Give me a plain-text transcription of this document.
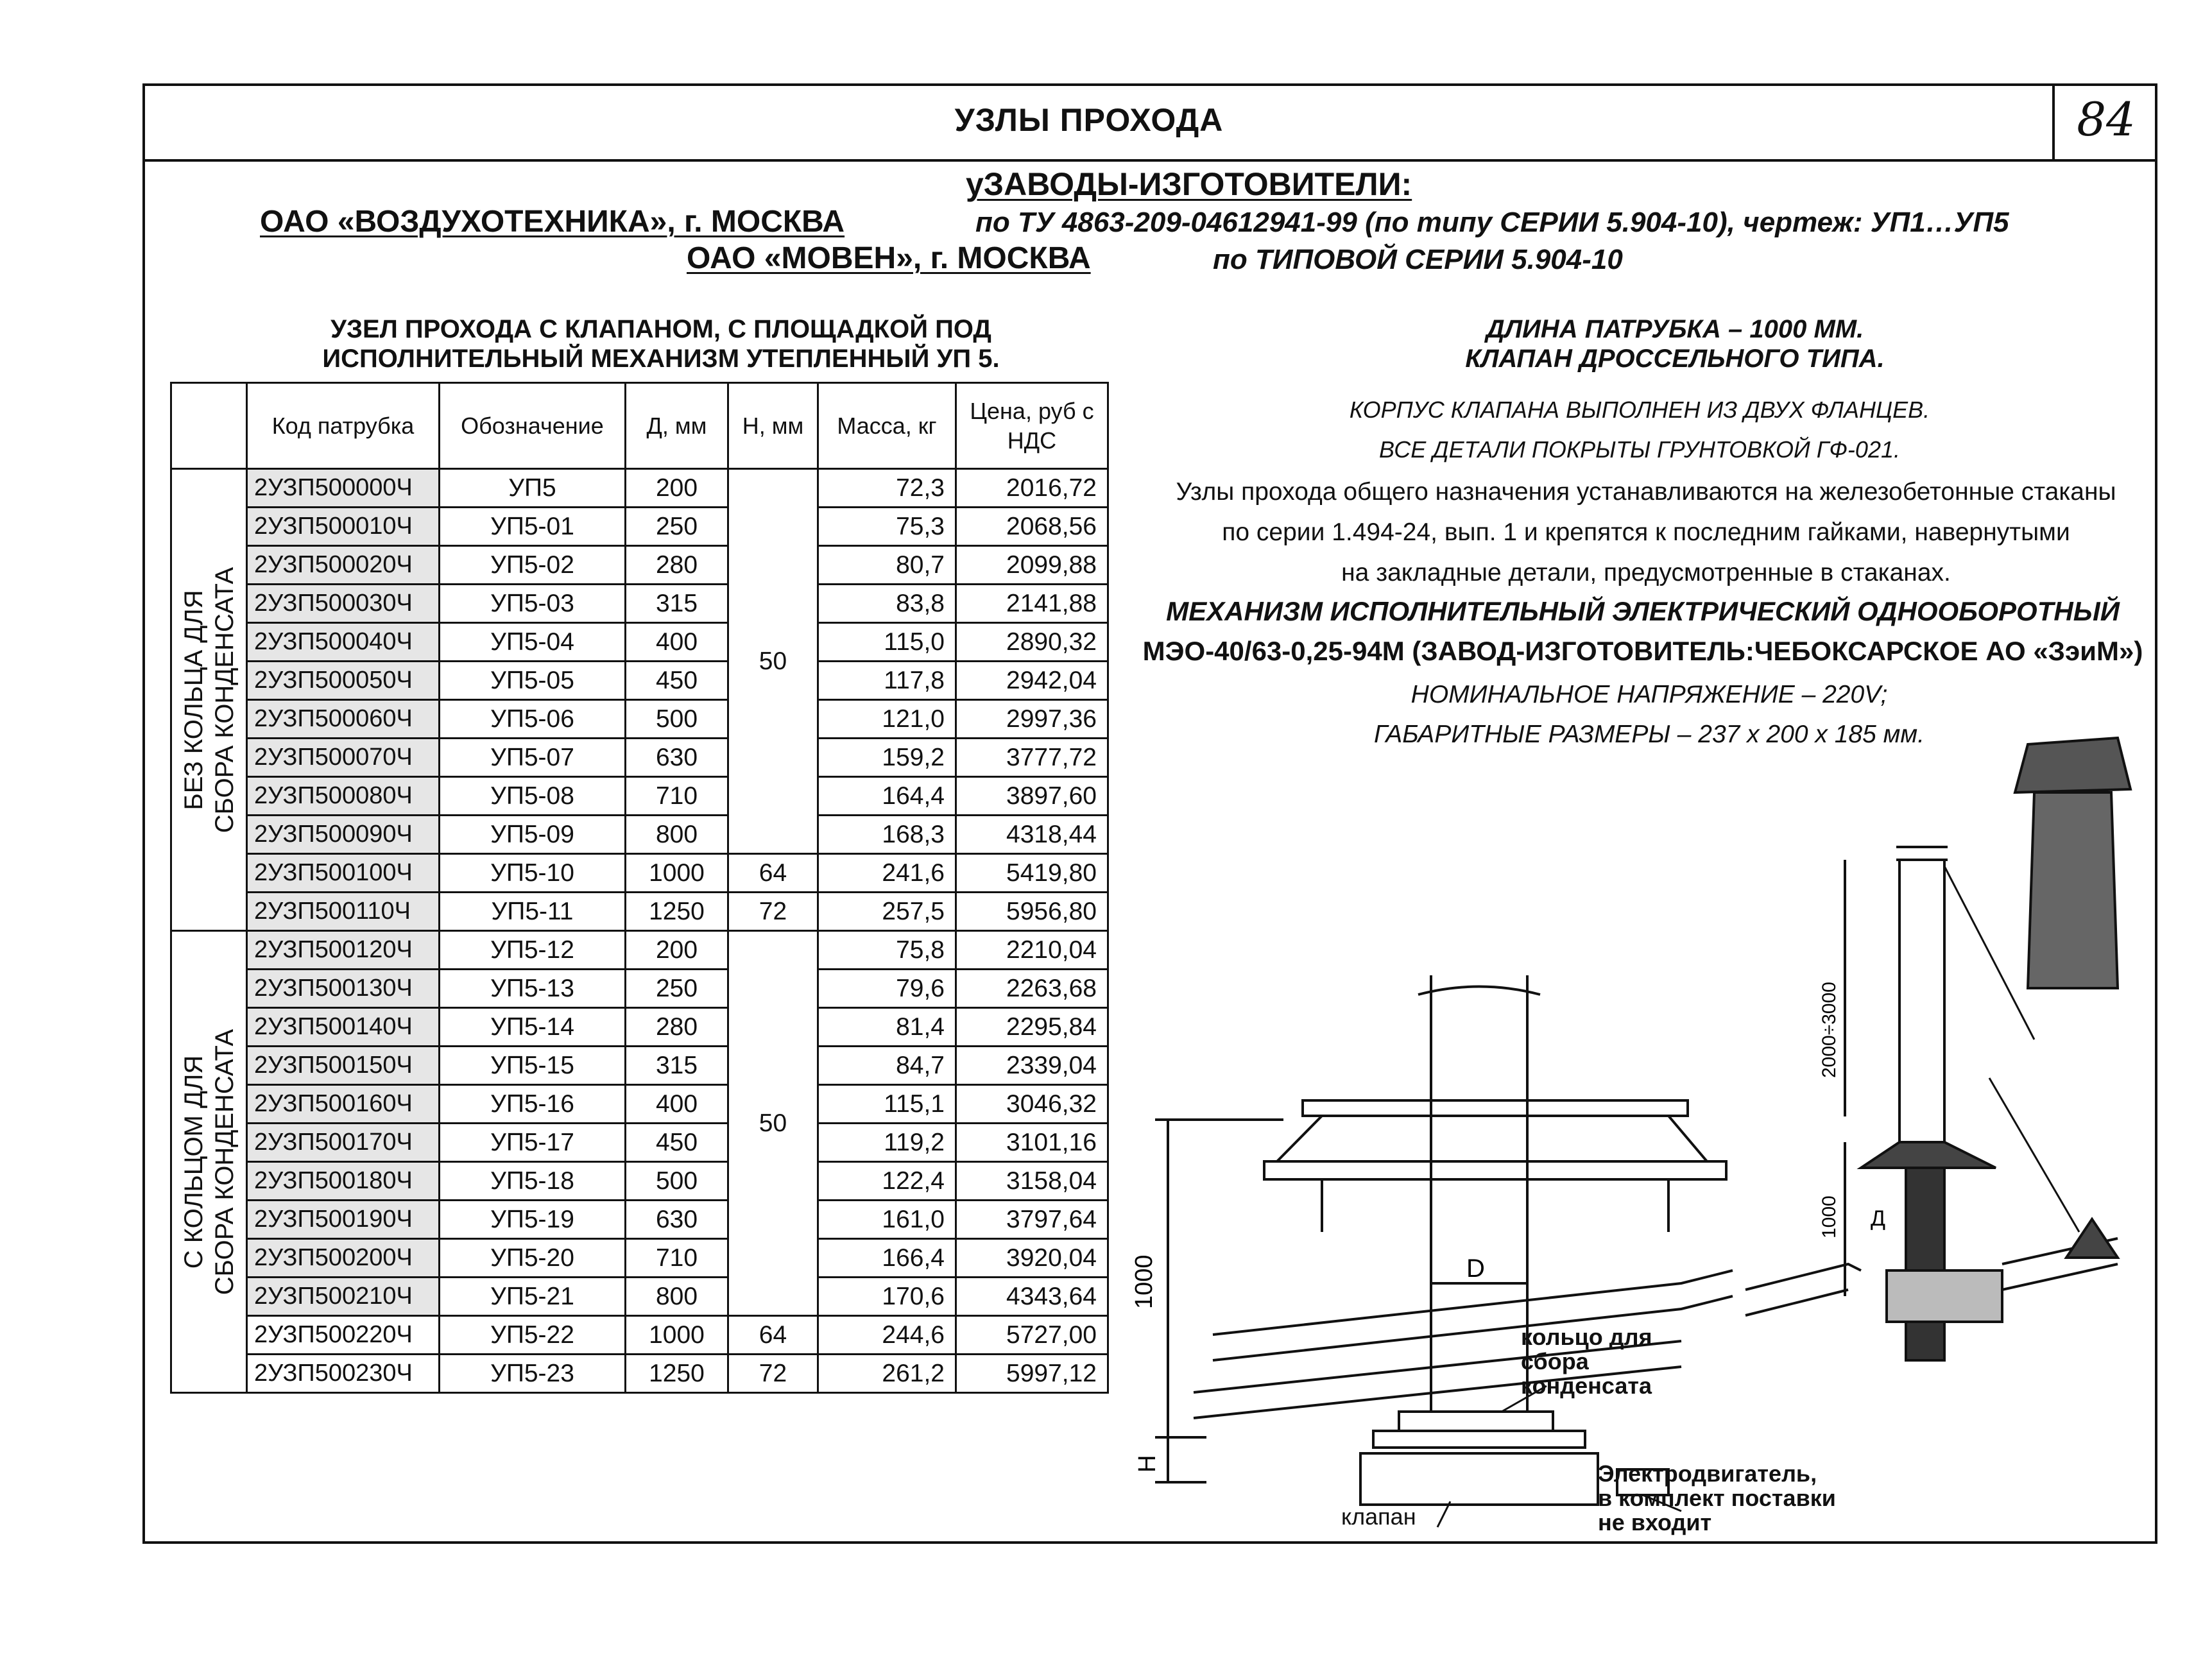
УЗЛЫ ПРОХОДА	84
уЗАВОДЫ-ИЗГОТОВИТЕЛИ:
ОАО «ВОЗДУХОТЕХНИКА», г. МОСКВА	по ТУ 4863-209-04612941-99 (по типу СЕРИИ 5.904-10), чертеж: УП1…УП5
ОАО «МОВЕН», г. МОСКВА	по ТИПОВОЙ СЕРИИ 5.904-10
УЗЕЛ ПРОХОДА С КЛАПАНОМ, С ПЛОЩАДКОЙ ПОД
ИСПОЛНИТЕЛЬНЫЙ МЕХАНИЗМ УТЕПЛЕННЫЙ УП 5.
ДЛИНА ПАТРУБКА – 1000 ММ.
КЛАПАН ДРОССЕЛЬНОГО ТИПА.
КОРПУС КЛАПАНА ВЫПОЛНЕН ИЗ ДВУХ ФЛАНЦЕВ.
ВСЕ ДЕТАЛИ ПОКРЫТЫ ГРУНТОВКОЙ ГФ-021.
Узлы прохода общего назначения устанавливаются на железобетонные стаканы
по серии 1.494-24, вып. 1 и крепятся к последним гайками, навернутыми
на закладные детали, предусмотренные в стаканах.
МЕХАНИЗМ ИСПОЛНИТЕЛЬНЫЙ ЭЛЕКТРИЧЕСКИЙ ОДНООБОРОТНЫЙ
МЭО-40/63-0,25-94М (ЗАВОД-ИЗГОТОВИТЕЛЬ:ЧЕБОКСАРСКОЕ АО «ЗэиМ»)
НОМИНАЛЬНОЕ НАПРЯЖЕНИЕ – 220V;
ГАБАРИТНЫЕ РАЗМЕРЫ – 237 х 200 х 185 мм.
	Код патрубка	Обозначение	Д, мм	Н, мм	Масса, кг	Цена, руб с НДС

БЕЗ КОЛЬЦА ДЛЯ СБОРА КОНДЕНСАТА	2УЗП500000Ч	УП5	200	50	72,3	2016,72
	2УЗП500010Ч	УП5-01	250		75,3	2068,56
	2УЗП500020Ч	УП5-02	280		80,7	2099,88
	2УЗП500030Ч	УП5-03	315		83,8	2141,88
	2УЗП500040Ч	УП5-04	400		115,0	2890,32
	2УЗП500050Ч	УП5-05	450		117,8	2942,04
	2УЗП500060Ч	УП5-06	500		121,0	2997,36
	2УЗП500070Ч	УП5-07	630		159,2	3777,72
	2УЗП500080Ч	УП5-08	710		164,4	3897,60
	2УЗП500090Ч	УП5-09	800		168,3	4318,44
	2УЗП500100Ч	УП5-10	1000	64	241,6	5419,80
	2УЗП500110Ч	УП5-11	1250	72	257,5	5956,80

С КОЛЬЦОМ ДЛЯ СБОРА КОНДЕНСАТА	2УЗП500120Ч	УП5-12	200	50	75,8	2210,04
	2УЗП500130Ч	УП5-13	250		79,6	2263,68
	2УЗП500140Ч	УП5-14	280		81,4	2295,84
	2УЗП500150Ч	УП5-15	315		84,7	2339,04
	2УЗП500160Ч	УП5-16	400		115,1	3046,32
	2УЗП500170Ч	УП5-17	450		119,2	3101,16
	2УЗП500180Ч	УП5-18	500		122,4	3158,04
	2УЗП500190Ч	УП5-19	630		161,0	3797,64
	2УЗП500200Ч	УП5-20	710		166,4	3920,04
	2УЗП500210Ч	УП5-21	800		170,6	4343,64
	2УЗП500220Ч	УП5-22	1000	64	244,6	5727,00
	2УЗП500230Ч	УП5-23	1250	72	261,2	5997,12
1000	D
H
кольцо для
сбора
конденсата
клапан
Электродвигатель,
в комплект поставки
не входит
2000÷3000
1000 Д
